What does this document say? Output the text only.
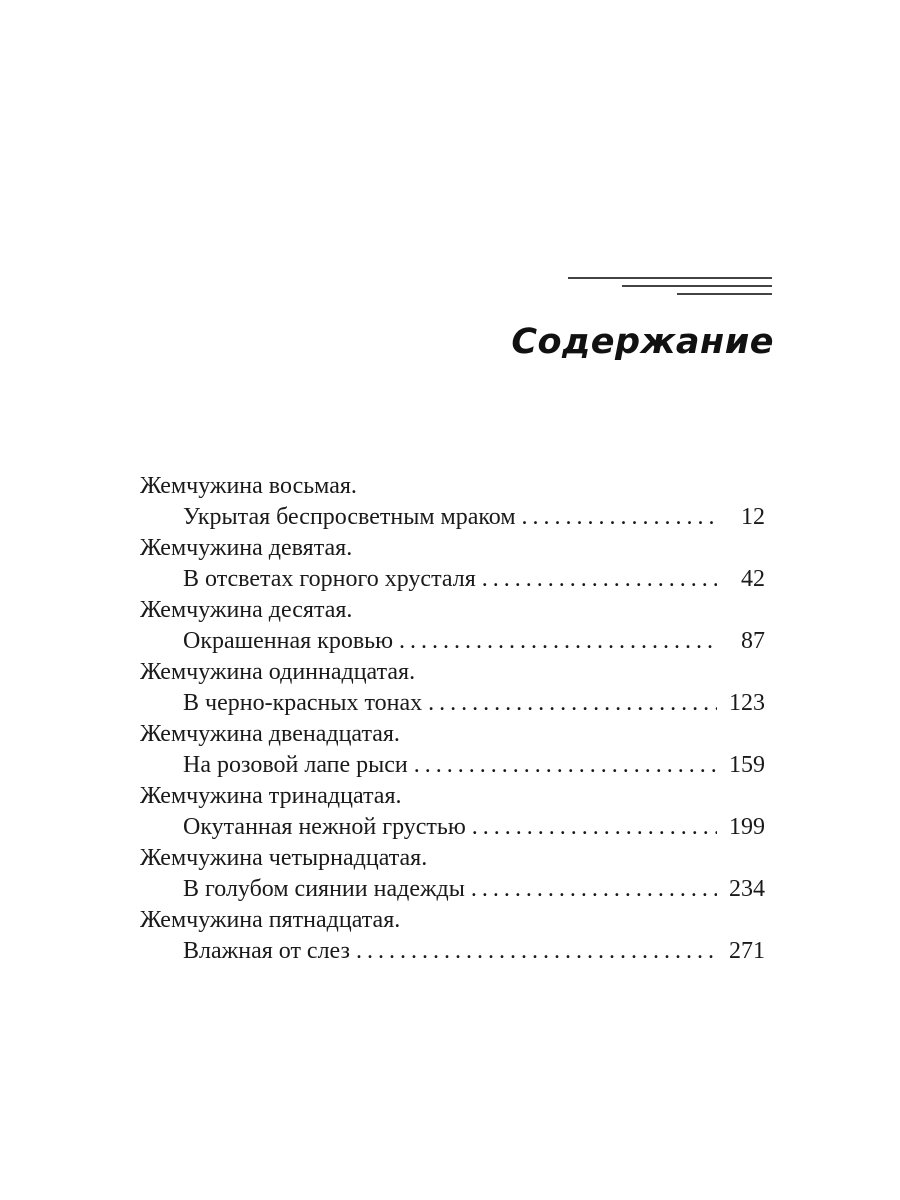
Содержание
Жемчужина восьмая.
Укрытая беспросветным мраком . . .	12
Жемчужина девятая.
В отсветах горного хрусталя . . .	42
Жемчужина десятая.
Окрашенная кровью . . .	87
Жемчужина одиннадцатая.
В черно-красных тонах . . .	123
Жемчужина двенадцатая.
На розовой лапе рыси . . .	159
Жемчужина тринадцатая.
Окутанная нежной грустью . . .	199
Жемчужина четырнадцатая.
В голубом сиянии надежды . . .	234
Жемчужина пятнадцатая.
Влажная от слез . . .	271
